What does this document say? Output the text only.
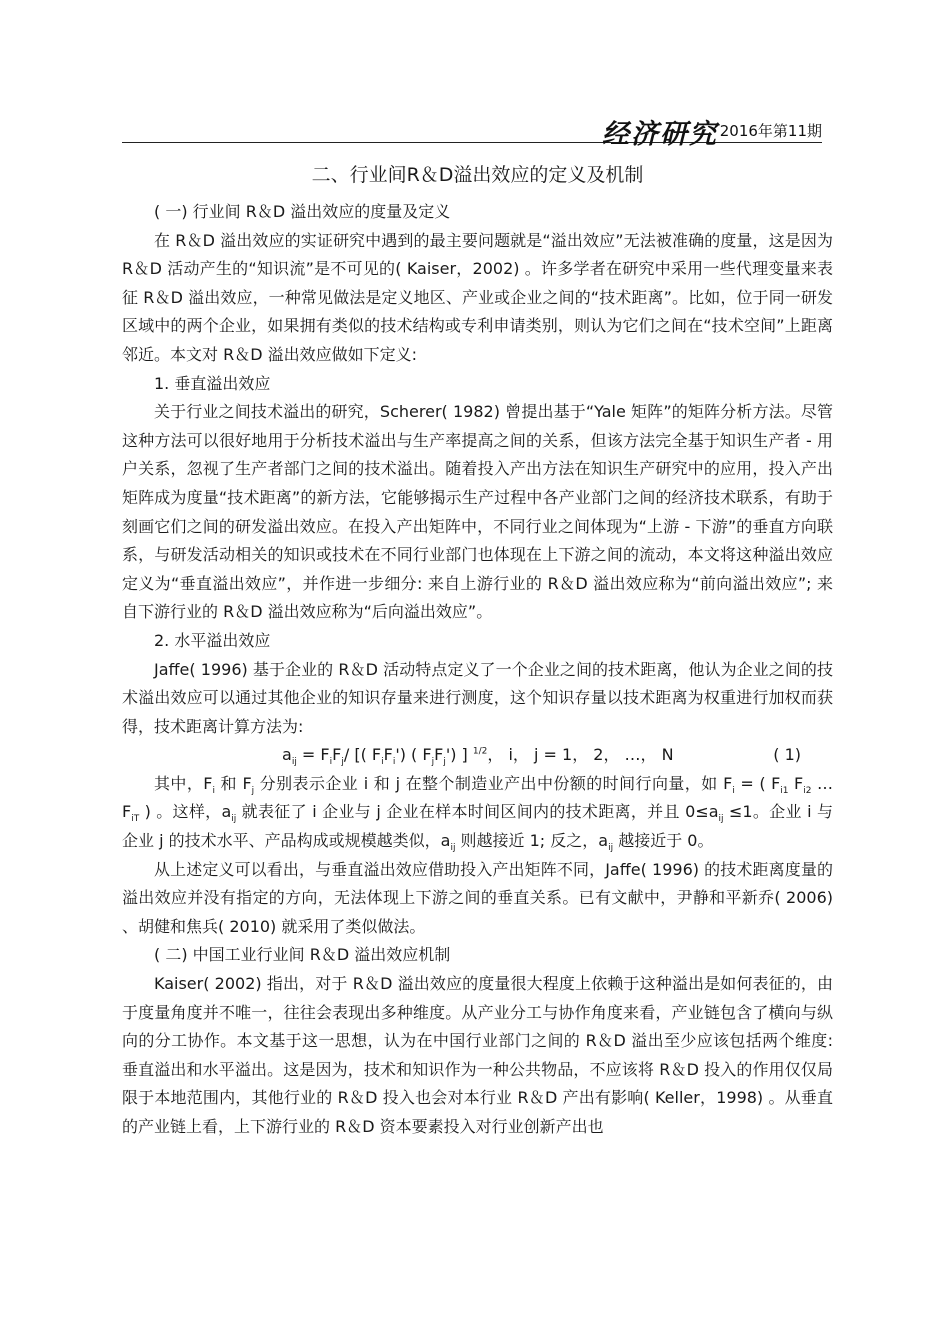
经济研究 2016年第11期
二、行业间R＆D溢出效应的定义及机制

( 一) 行业间 R＆D 溢出效应的度量及定义

在 R＆D 溢出效应的实证研究中遇到的最主要问题就是“溢出效应”无法被准确的度量，这是因为 R＆D 活动产生的“知识流”是不可见的( Kaiser，2002) 。许多学者在研究中采用一些代理变量来表征 R＆D 溢出效应，一种常见做法是定义地区、产业或企业之间的“技术距离”。比如，位于同一研发区域中的两个企业，如果拥有类似的技术结构或专利申请类别，则认为它们之间在“技术空间”上距离邻近。本文对 R＆D 溢出效应做如下定义:

1. 垂直溢出效应

关于行业之间技术溢出的研究，Scherer( 1982) 曾提出基于“Yale 矩阵”的矩阵分析方法。尽管这种方法可以很好地用于分析技术溢出与生产率提高之间的关系，但该方法完全基于知识生产者 - 用户关系，忽视了生产者部门之间的技术溢出。随着投入产出方法在知识生产研究中的应用，投入产出矩阵成为度量“技术距离”的新方法，它能够揭示生产过程中各产业部门之间的经济技术联系，有助于刻画它们之间的研发溢出效应。在投入产出矩阵中，不同行业之间体现为“上游 - 下游”的垂直方向联系，与研发活动相关的知识或技术在不同行业部门也体现在上下游之间的流动，本文将这种溢出效应定义为“垂直溢出效应”，并作进一步细分: 来自上游行业的 R＆D 溢出效应称为“前向溢出效应”; 来自下游行业的 R＆D 溢出效应称为“后向溢出效应”。

2. 水平溢出效应

Jaffe( 1996) 基于企业的 R＆D 活动特点定义了一个企业之间的技术距离，他认为企业之间的技术溢出效应可以通过其他企业的知识存量来进行测度，这个知识存量以技术距离为权重进行加权而获得，技术距离计算方法为:

$a_{ij} = F_iF_j/$ [( $F_iF_i'$) ( $F_jF_j'$) ] $^{1/2}$， i， j = 1， 2， …， N	( 1)

其中，$F_i$ 和 $F_j$ 分别表示企业 i 和 j 在整个制造业产出中份额的时间行向量，如 $F_i$ = ( $F_{i1}$ $F_{i2}$ … $F_{iT}$ ) 。这样，$a_{ij}$ 就表征了 i 企业与 j 企业在样本时间区间内的技术距离，并且 $0\le a_{ij} \le 1$。企业 i 与企业 j 的技术水平、产品构成或规模越类似，$a_{ij}$ 则越接近 1; 反之，$a_{ij}$ 越接近于 0。

从上述定义可以看出，与垂直溢出效应借助投入产出矩阵不同，Jaffe( 1996) 的技术距离度量的溢出效应并没有指定的方向，无法体现上下游之间的垂直关系。已有文献中，尹静和平新乔( 2006) 、胡健和焦兵( 2010) 就采用了类似做法。

( 二) 中国工业行业间 R＆D 溢出效应机制

Kaiser( 2002) 指出，对于 R＆D 溢出效应的度量很大程度上依赖于这种溢出是如何表征的，由于度量角度并不唯一，往往会表现出多种维度。从产业分工与协作角度来看，产业链包含了横向与纵向的分工协作。本文基于这一思想，认为在中国行业部门之间的 R＆D 溢出至少应该包括两个维度: 垂直溢出和水平溢出。这是因为，技术和知识作为一种公共物品，不应该将 R＆D 投入的作用仅仅局限于本地范围内，其他行业的 R＆D 投入也会对本行业 R＆D 产出有影响( Keller，1998) 。从垂直的产业链上看，上下游行业的 R＆D 资本要素投入对行业创新产出也
